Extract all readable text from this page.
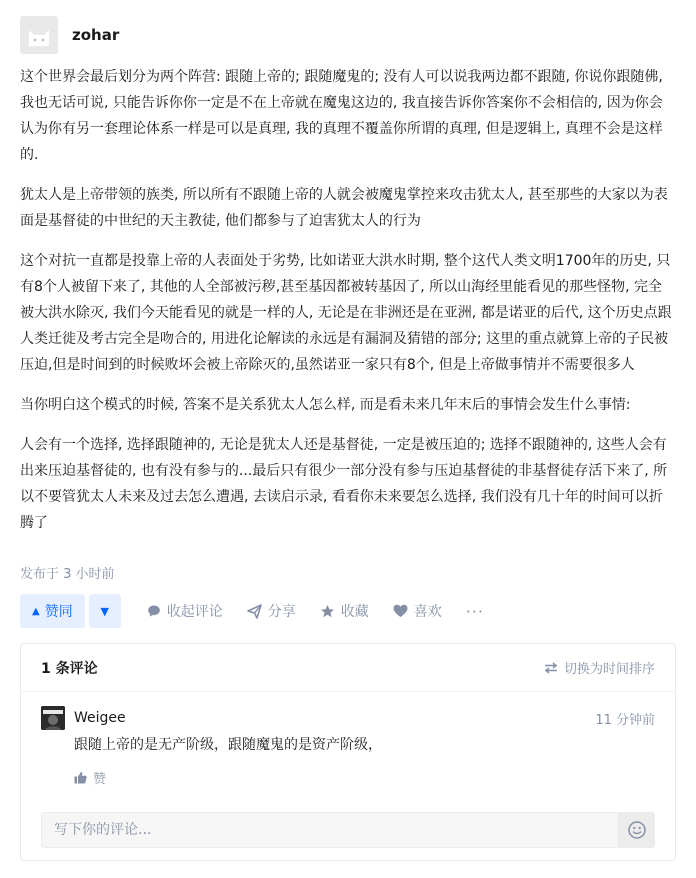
zohar

这个世界会最后划分为两个阵营: 跟随上帝的; 跟随魔鬼的; 没有人可以说我两边都不跟随, 你说你跟随佛, 我也无话可说, 只能告诉你你一定是不在上帝就在魔鬼这边的, 我直接告诉你答案你不会相信的, 因为你会认为你有另一套理论体系一样是可以是真理, 我的真理不覆盖你所谓的真理, 但是逻辑上, 真理不会是这样的.

犹太人是上帝带领的族类, 所以所有不跟随上帝的人就会被魔鬼掌控来攻击犹太人, 甚至那些的大家以为表面是基督徒的中世纪的天主教徒, 他们都参与了迫害犹太人的行为

这个对抗一直都是投靠上帝的人表面处于劣势, 比如诺亚大洪水时期, 整个这代人类文明1700年的历史, 只有8个人被留下来了, 其他的人全部被污秽,甚至基因都被转基因了, 所以山海经里能看见的那些怪物, 完全被大洪水除灭, 我们今天能看见的就是一样的人, 无论是在非洲还是在亚洲, 都是诺亚的后代, 这个历史点跟人类迁徙及考古完全是吻合的, 用进化论解读的永远是有漏洞及猜错的部分; 这里的重点就算上帝的子民被压迫,但是时间到的时候败坏会被上帝除灭的,虽然诺亚一家只有8个, 但是上帝做事情并不需要很多人

当你明白这个模式的时候, 答案不是关系犹太人怎么样, 而是看未来几年末后的事情会发生什么事情:

人会有一个选择, 选择跟随神的, 无论是犹太人还是基督徒, 一定是被压迫的; 选择不跟随神的, 这些人会有出来压迫基督徒的, 也有没有参与的...最后只有很少一部分没有参与压迫基督徒的非基督徒存活下来了, 所以不要管犹太人未来及过去怎么遭遇, 去读启示录, 看看你未来要怎么选择, 我们没有几十年的时间可以折腾了

发布于 3 小时前
▲ 赞同	▼	收起评论	分享	收藏	喜欢 ···
1 条评论	切换为时间排序
Weigee	11 分钟前
跟随上帝的是无产阶级，跟随魔鬼的是资产阶级，
赞
写下你的评论...
